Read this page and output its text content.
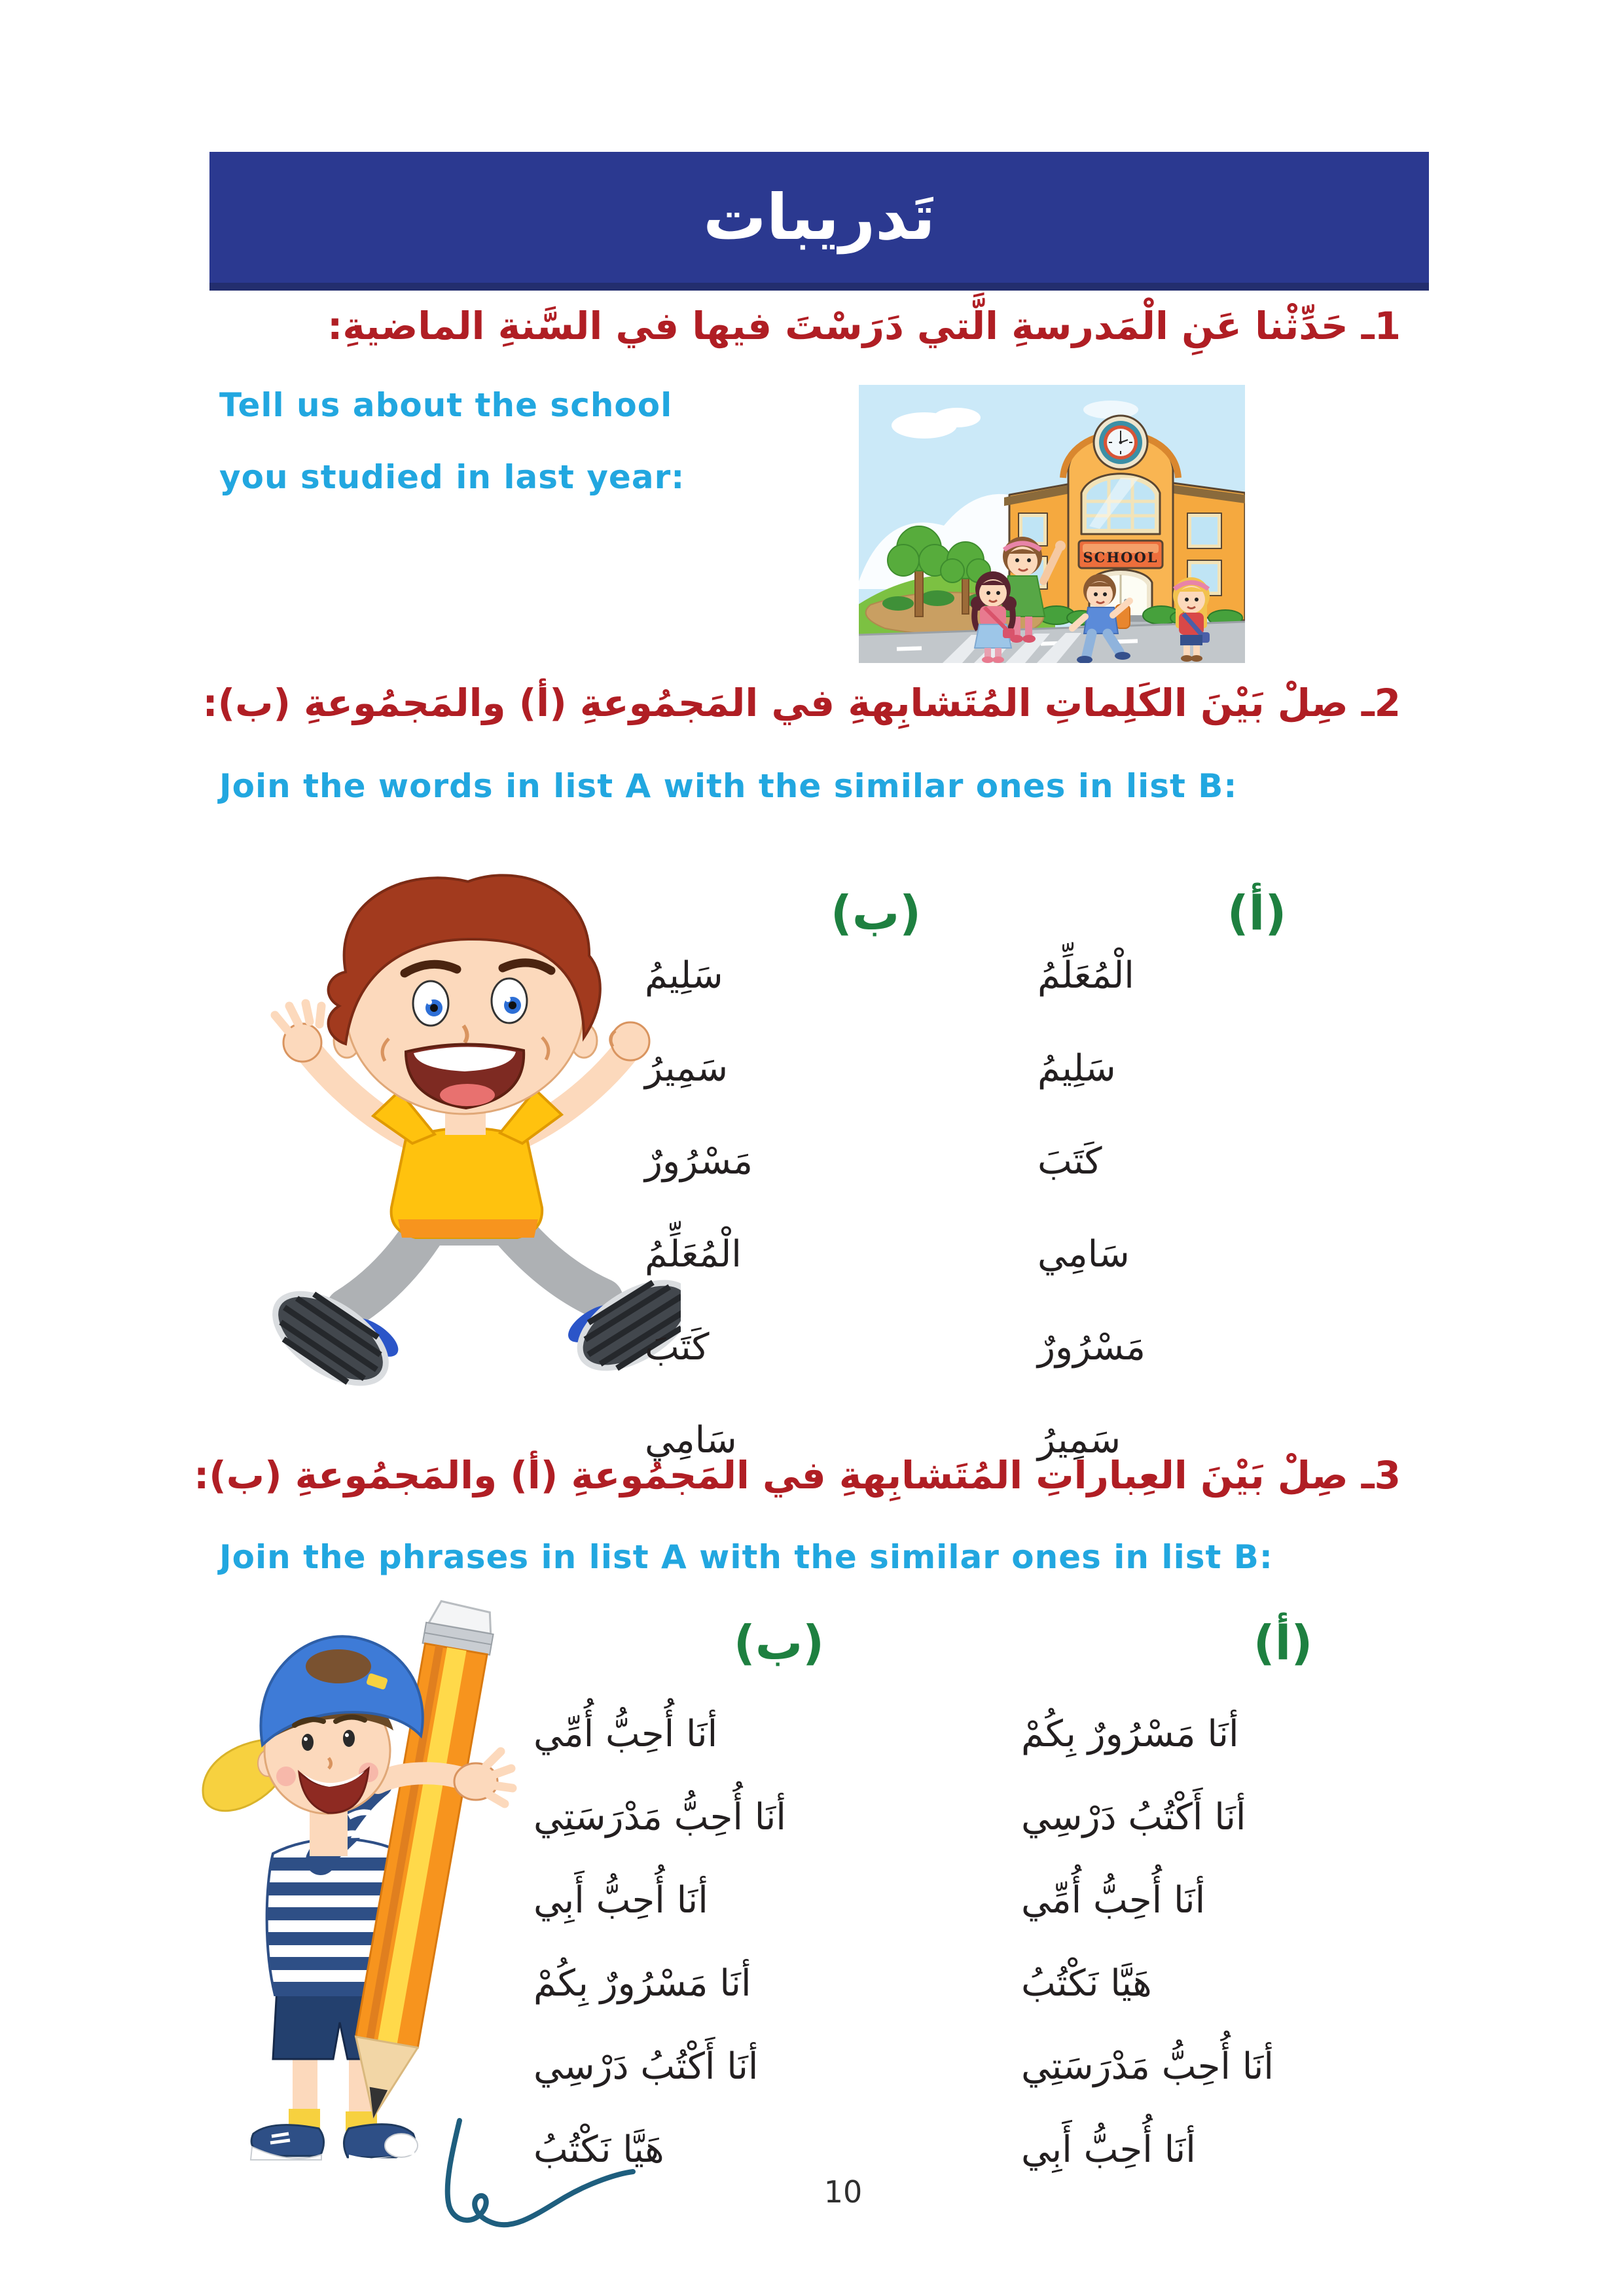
تَدريبات
1ـ حَدِّثْنا عَنِ الْمَدرسةِ الَّتي دَرَسْتَ فيها في السَّنةِ الماضيةِ:
Tell us about the school
you studied in last year:
SCHOOL
2ـ صِلْ بَيْنَ الكَلِماتِ المُتَشابِهةِ في المَجمُوعةِ (أ) والمَجمُوعةِ (ب):
Join the words in list A with the similar ones in list B:
(أ)
(ب)
الْمُعَلِّمُ
سَلِيمُ
كَتَبَ
سَامِي
مَسْرُورٌ
سَمِيرُ
سَلِيمُ
سَمِيرُ
مَسْرُورٌ
الْمُعَلِّمُ
كَتَبَ
سَامِي
3ـ صِلْ بَيْنَ العِباراتِ المُتَشابِهةِ في المَجمُوعةِ (أ) والمَجمُوعةِ (ب):
Join the phrases in list A with the similar ones in list B:
(أ)
(ب)
أنَا مَسْرُورٌ بِكُمْ
أنَا أَكْتُبُ دَرْسِي
أنَا أُحِبُّ أُمِّي
هَيَّا نَكْتُبُ
أنَا أُحِبُّ مَدْرَسَتِي
أنَا أُحِبُّ أَبِي
أنَا أُحِبُّ أُمِّي
أنَا أُحِبُّ مَدْرَسَتِي
أنَا أُحِبُّ أَبِي
أنَا مَسْرُورٌ بِكُمْ
أنَا أَكْتُبُ دَرْسِي
هَيَّا نَكْتُبُ
10
